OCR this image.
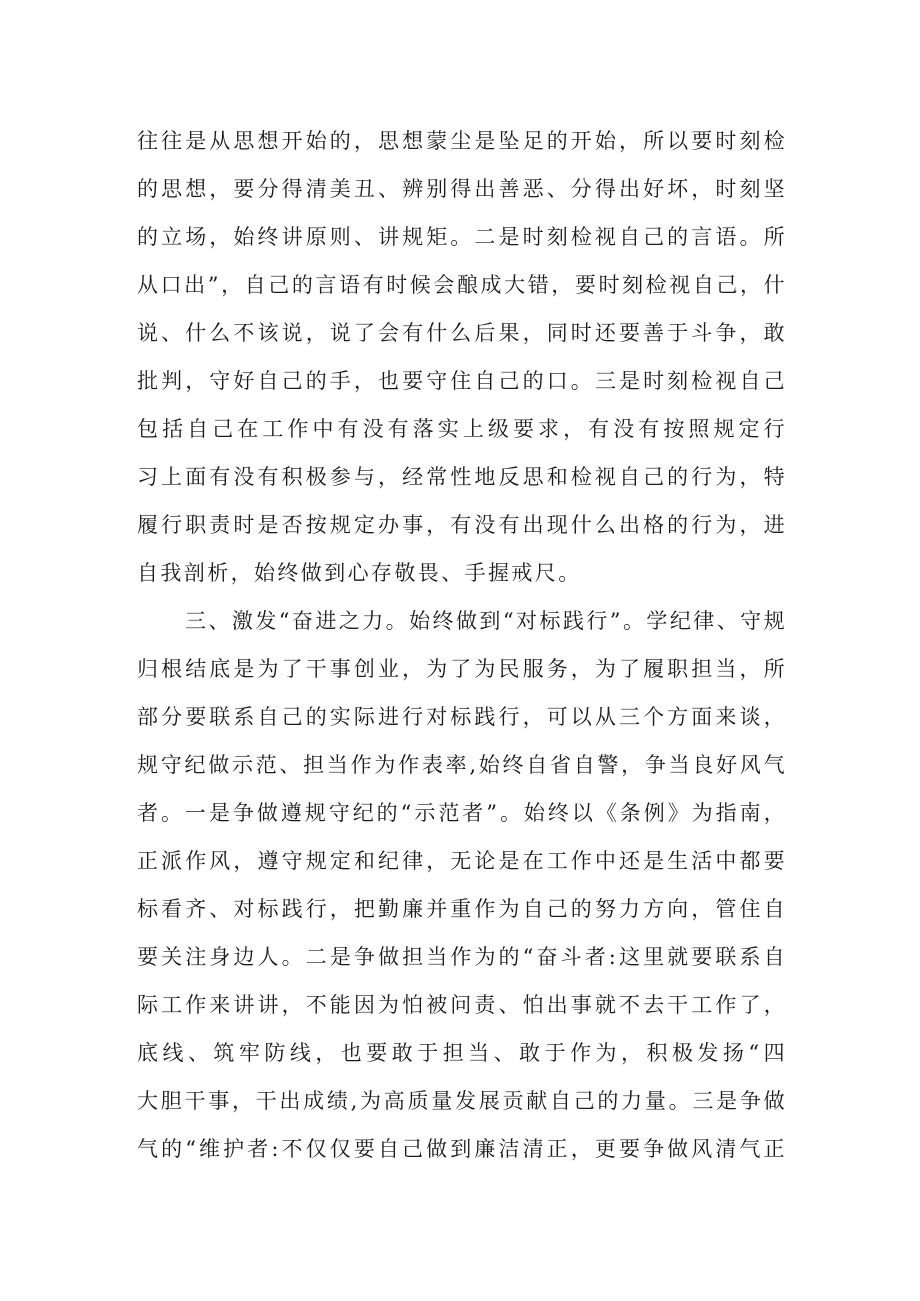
往往是从思想开始的，思想蒙尘是坠足的开始，所以要时刻检
的思想，要分得清美丑、辨别得出善恶、分得出好坏，时刻坚
的立场，始终讲原则、讲规矩。二是时刻检视自己的言语。所
从口出”，自己的言语有时候会酿成大错，要时刻检视自己，什
说、什么不该说，说了会有什么后果，同时还要善于斗争，敢
批判，守好自己的手，也要守住自己的口。三是时刻检视自己
包括自己在工作中有没有落实上级要求，有没有按照规定行
习上面有没有积极参与，经常性地反思和检视自己的行为，特
履行职责时是否按规定办事，有没有出现什么出格的行为，进
自我剖析，始终做到心存敬畏、手握戒尺。
三、激发“奋进之力。始终做到“对标践行”。学纪律、守规
归根结底是为了干事创业，为了为民服务，为了履职担当，所
部分要联系自己的实际进行对标践行，可以从三个方面来谈，
规守纪做示范、担当作为作表率,始终自省自警，争当良好风气
者。一是争做遵规守纪的“示范者”。始终以《条例》为指南，
正派作风，遵守规定和纪律，无论是在工作中还是生活中都要
标看齐、对标践行，把勤廉并重作为自己的努力方向，管住自
要关注身边人。二是争做担当作为的“奋斗者:这里就要联系自
际工作来讲讲，不能因为怕被问责、怕出事就不去干工作了，
底线、筑牢防线，也要敢于担当、敢于作为，积极发扬“四
大胆干事，干出成绩,为高质量发展贡献自己的力量。三是争做
气的“维护者:不仅仅要自己做到廉洁清正，更要争做风清气正
